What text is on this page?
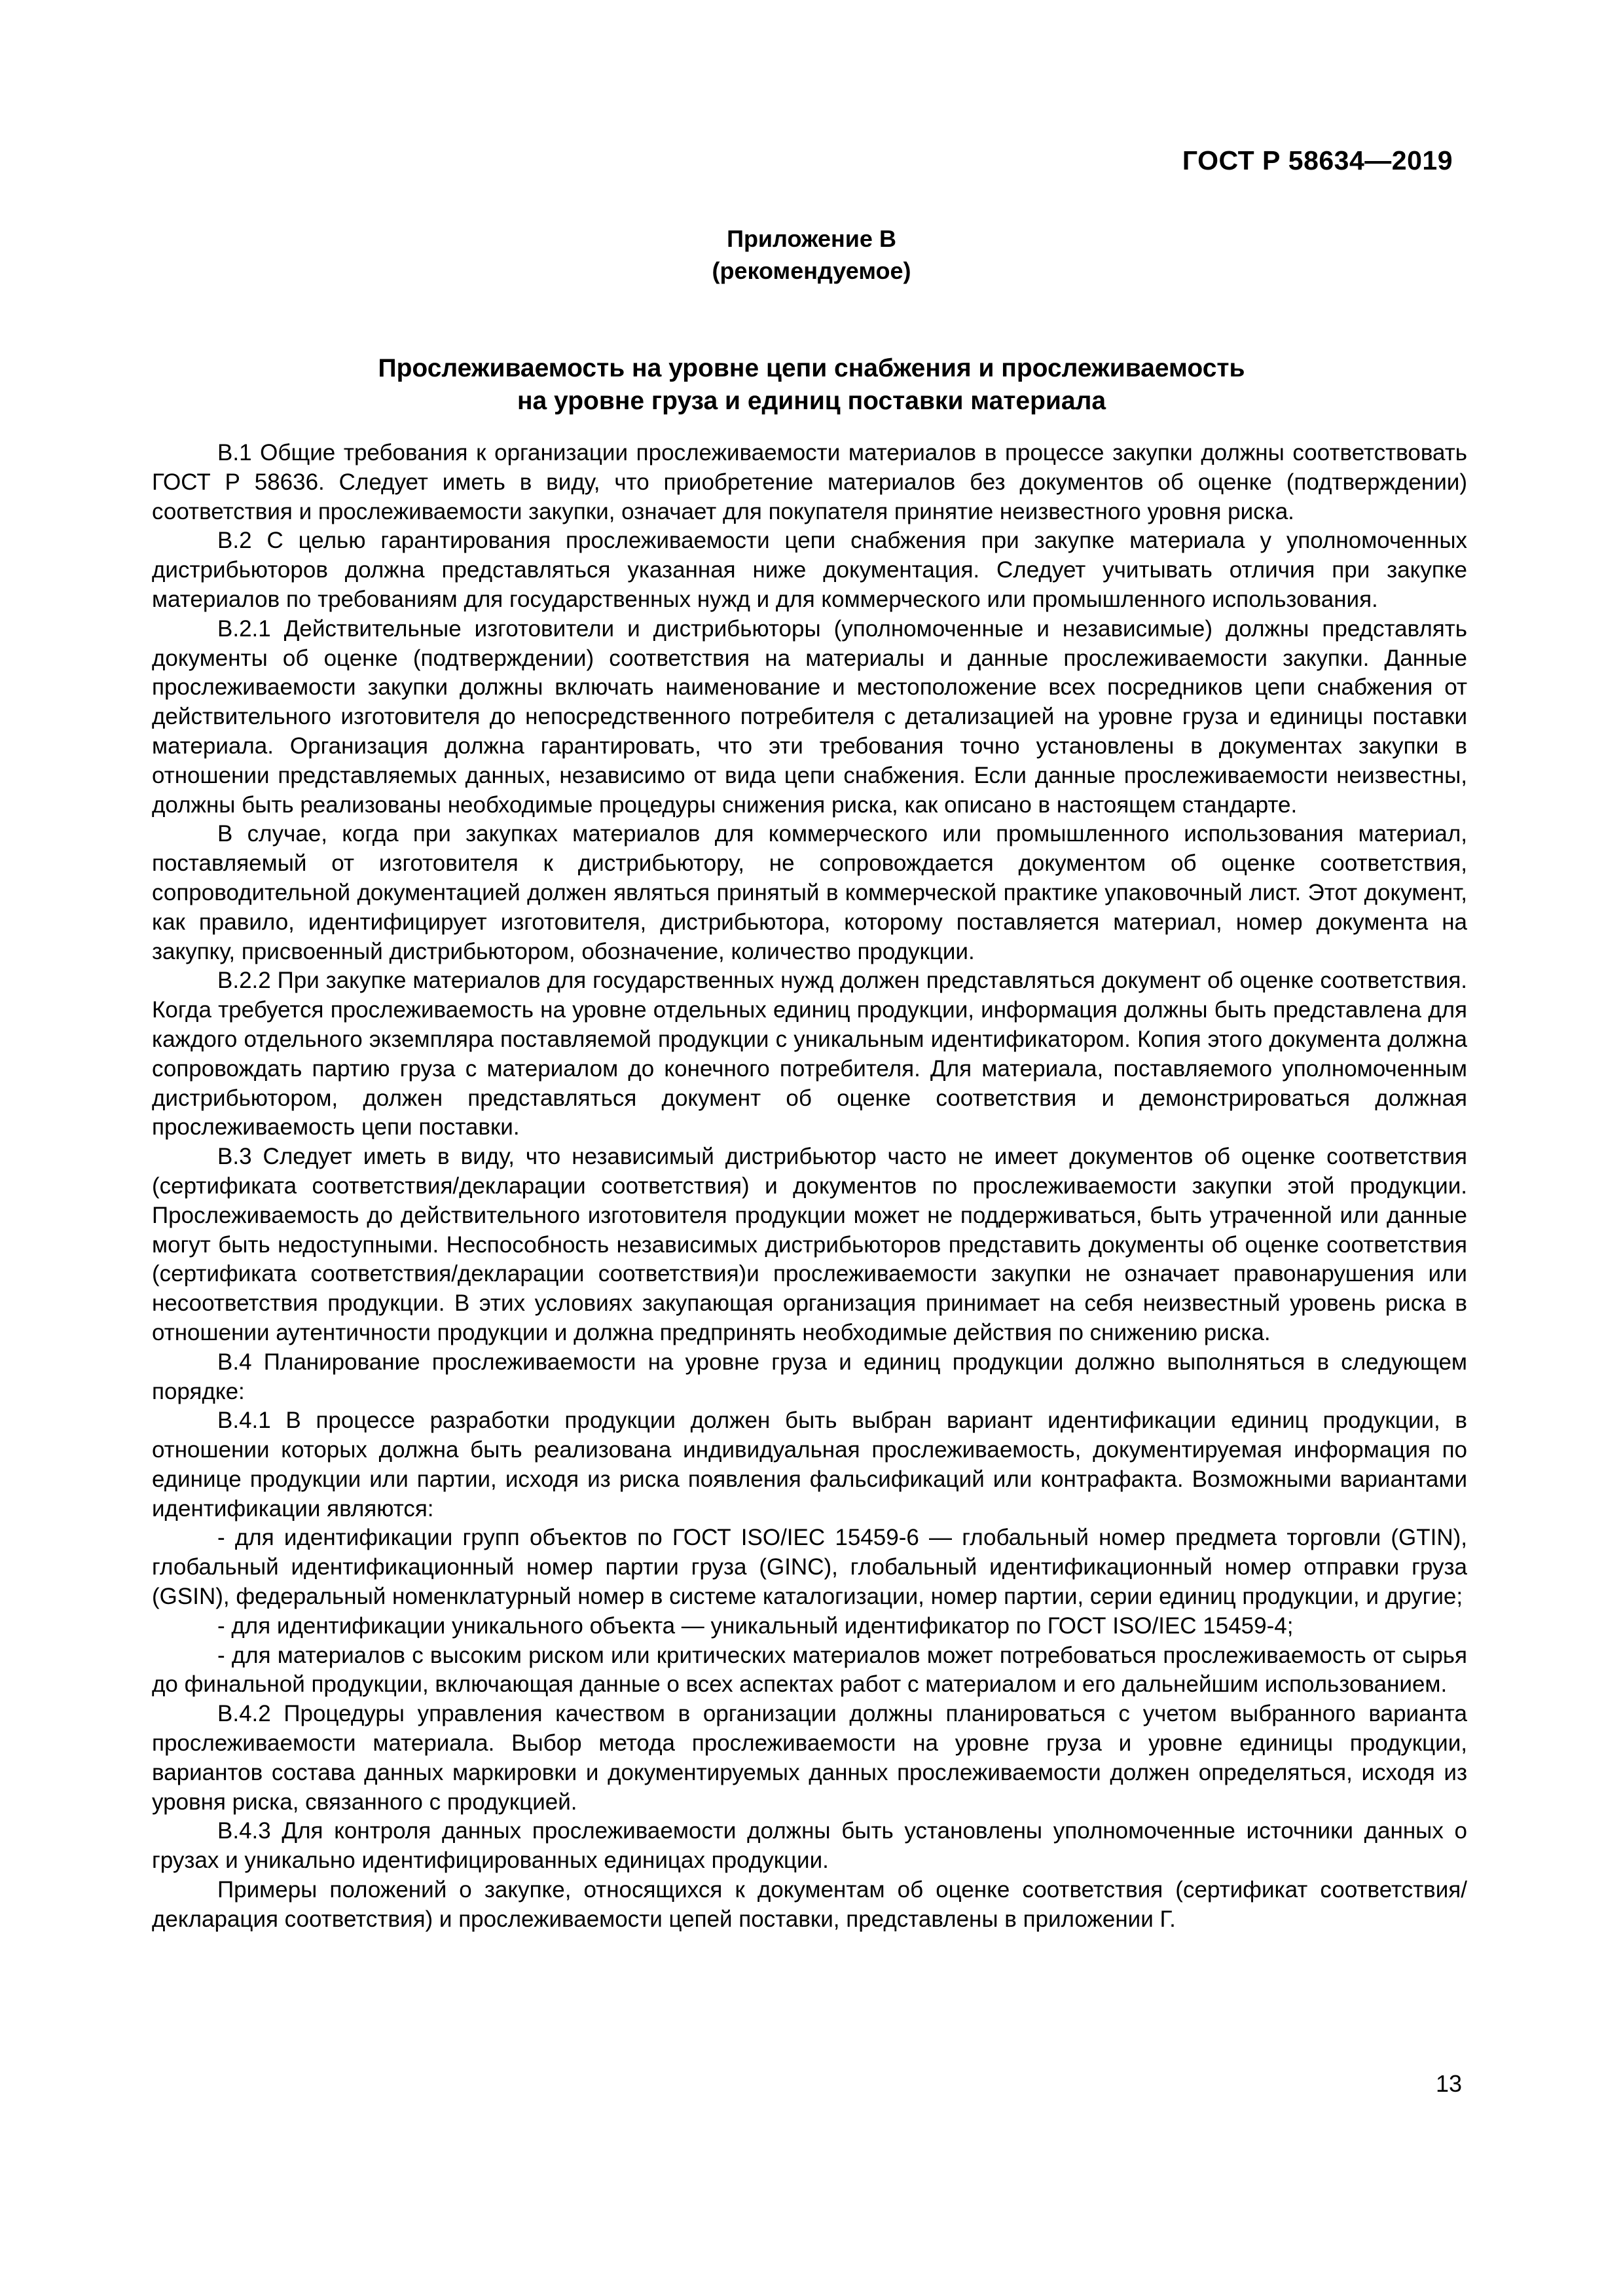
ГОСТ Р 58634—2019
Приложение В
(рекомендуемое)
Прослеживаемость на уровне цепи снабжения и прослеживаемость
на уровне груза и единиц поставки материала

В.1 Общие требования к организации прослеживаемости материалов в процессе закупки должны соответствовать ГОСТ Р 58636. Следует иметь в виду, что приобретение материалов без документов об оценке (подтверждении) соответствия и прослеживаемости закупки, означает для покупателя принятие неизвестного уровня риска.

В.2 С целью гарантирования прослеживаемости цепи снабжения при закупке материала у уполномоченных дистрибьюторов должна представляться указанная ниже документация. Следует учитывать отличия при закупке материалов по требованиям для государственных нужд и для коммерческого или промышленного использования.

В.2.1 Действительные изготовители и дистрибьюторы (уполномоченные и независимые) должны представлять документы об оценке (подтверждении) соответствия на материалы и данные прослеживаемости закупки. Данные прослеживаемости закупки должны включать наименование и местоположение всех посредников цепи снабжения от действительного изготовителя до непосредственного потребителя с детализацией на уровне груза и единицы поставки материала. Организация должна гарантировать, что эти требования точно установлены в документах закупки в отношении представляемых данных, независимо от вида цепи снабжения. Если данные прослеживаемости неизвестны, должны быть реализованы необходимые процедуры снижения риска, как описано в настоящем стандарте.

В случае, когда при закупках материалов для коммерческого или промышленного использования материал, поставляемый от изготовителя к дистрибьютору, не сопровождается документом об оценке соответствия, сопроводительной документацией должен являться принятый в коммерческой практике упаковочный лист. Этот документ, как правило, идентифицирует изготовителя, дистрибьютора, которому поставляется материал, номер документа на закупку, присвоенный дистрибьютором, обозначение, количество продукции.

В.2.2 При закупке материалов для государственных нужд должен представляться документ об оценке соответствия. Когда требуется прослеживаемость на уровне отдельных единиц продукции, информация должны быть представлена для каждого отдельного экземпляра поставляемой продукции с уникальным идентификатором. Копия этого документа должна сопровождать партию груза с материалом до конечного потребителя. Для материала, поставляемого уполномоченным дистрибьютором, должен представляться документ об оценке соответствия и демонстрироваться должная прослеживаемость цепи поставки.

В.3 Следует иметь в виду, что независимый дистрибьютор часто не имеет документов об оценке соответствия (сертификата соответствия/декларации соответствия) и документов по прослеживаемости закупки этой продукции. Прослеживаемость до действительного изготовителя продукции может не поддерживаться, быть утраченной или данные могут быть недоступными. Неспособность независимых дистрибьюторов представить документы об оценке соответствия (сертификата соответствия/декларации соответствия)и прослеживаемости закупки не означает правонарушения или несоответствия продукции. В этих условиях закупающая организация принимает на себя неизвестный уровень риска в отношении аутентичности продукции и должна предпринять необходимые действия по снижению риска.

В.4 Планирование прослеживаемости на уровне груза и единиц продукции должно выполняться в следующем порядке:

В.4.1 В процессе разработки продукции должен быть выбран вариант идентификации единиц продукции, в отношении которых должна быть реализована индивидуальная прослеживаемость, документируемая информация по единице продукции или партии, исходя из риска появления фальсификаций или контрафакта. Возможными вариантами идентификации являются:

- для идентификации групп объектов по ГОСТ ISO/IEC 15459-6 — глобальный номер предмета торговли (GTIN), глобальный идентификационный номер партии груза (GINC), глобальный идентификационный номер отправки груза (GSIN), федеральный номенклатурный номер в системе каталогизации, номер партии, серии единиц продукции, и другие;

- для идентификации уникального объекта — уникальный идентификатор по ГОСТ ISO/IEC 15459-4;

- для материалов с высоким риском или критических материалов может потребоваться прослеживаемость от сырья до финальной продукции, включающая данные о всех аспектах работ с материалом и его дальнейшим использованием.

В.4.2 Процедуры управления качеством в организации должны планироваться с учетом выбранного варианта прослеживаемости материала. Выбор метода прослеживаемости на уровне груза и уровне единицы продукции, вариантов состава данных маркировки и документируемых данных прослеживаемости должен определяться, исходя из уровня риска, связанного с продукцией.

В.4.3 Для контроля данных прослеживаемости должны быть установлены уполномоченные источники данных о грузах и уникально идентифицированных единицах продукции.

Примеры положений о закупке, относящихся к документам об оценке соответствия (сертификат соответствия/декларация соответствия) и прослеживаемости цепей поставки, представлены в приложении Г.

13
